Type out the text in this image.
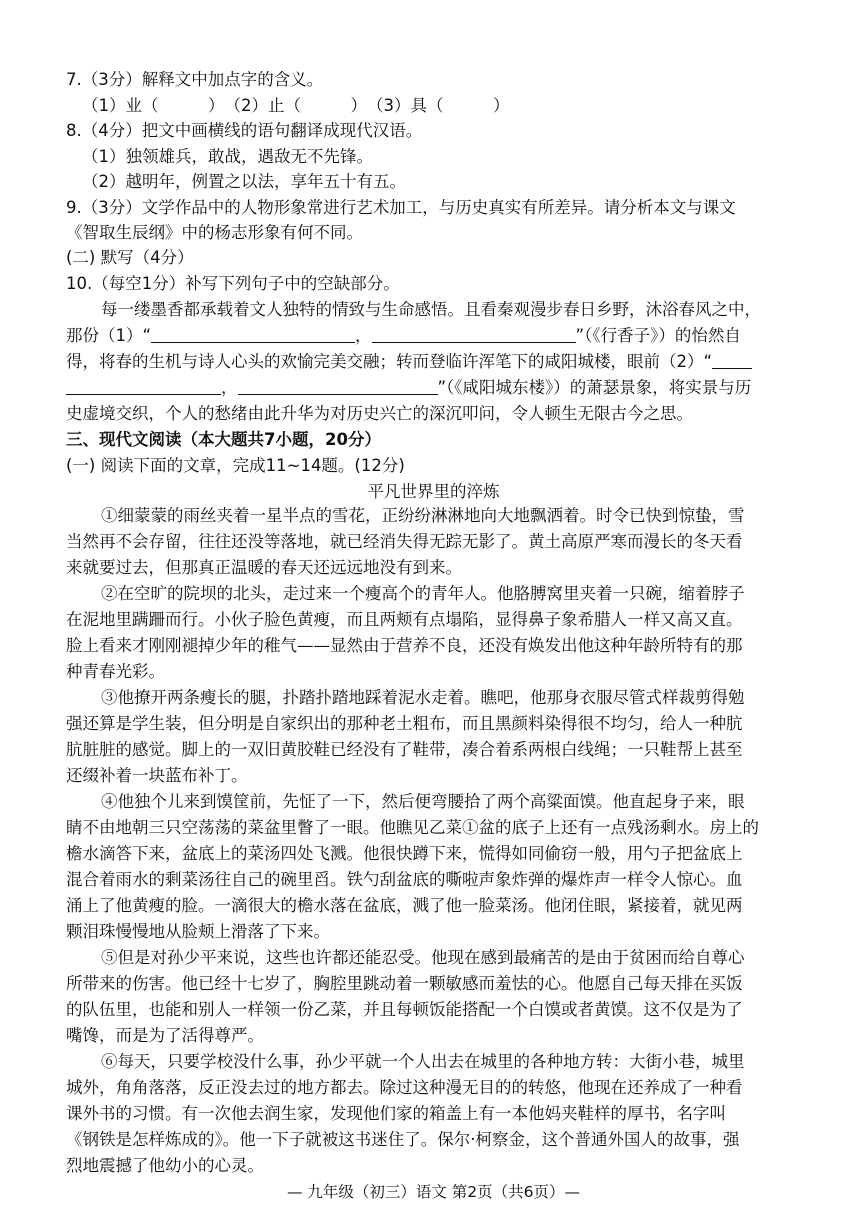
7.（3分）解释文中加点字的含义。
（1）业（　　　）　（2）止（　　　）　（3）具（　　　）
8.（4分）把文中画横线的语句翻译成现代汉语。
（1）独领雄兵，敢战，遇敌无不先锋。
（2）越明年，例置之以法，享年五十有五。
9.（3分）文学作品中的人物形象常进行艺术加工，与历史真实有所差异。请分析本文与课文
《智取生辰纲》中的杨志形象有何不同。
(二) 默写（4分）
10.（每空1分）补写下列句子中的空缺部分。
每一缕墨香都承载着文人独特的情致与生命感悟。且看秦观漫步春日乡野，沐浴春风之中，
那份（1）“	，	”（《行香子》）的怡然自
得，将春的生机与诗人心头的欢愉完美交融；转而登临许浑笔下的咸阳城楼，眼前（2）“
，	”（《咸阳城东楼》）的萧瑟景象，将实景与历
史虚境交织，个人的愁绪由此升华为对历史兴亡的深沉叩问，令人顿生无限古今之思。
三、现代文阅读（本大题共7小题，20分）
(一) 阅读下面的文章，完成11~14题。(12分)
平凡世界里的淬炼
①细蒙蒙的雨丝夹着一星半点的雪花，正纷纷淋淋地向大地飘洒着。时令已快到惊蛰，雪
当然再不会存留，往往还没等落地，就已经消失得无踪无影了。黄土高原严寒而漫长的冬天看
来就要过去，但那真正温暖的春天还远远地没有到来。
②在空旷的院坝的北头，走过来一个瘦高个的青年人。他胳膊窝里夹着一只碗，缩着脖子
在泥地里蹒跚而行。小伙子脸色黄瘦，而且两颊有点塌陷，显得鼻子象希腊人一样又高又直。
脸上看来才刚刚褪掉少年的稚气——显然由于营养不良，还没有焕发出他这种年龄所特有的那
种青春光彩。
③他撩开两条瘦长的腿，扑踏扑踏地踩着泥水走着。瞧吧，他那身衣服尽管式样裁剪得勉
强还算是学生装，但分明是自家织出的那种老土粗布，而且黑颜料染得很不均匀，给人一种肮
肮脏脏的感觉。脚上的一双旧黄胶鞋已经没有了鞋带，凑合着系两根白线绳；一只鞋帮上甚至
还缀补着一块蓝布补丁。
④他独个儿来到馍筐前，先怔了一下，然后便弯腰拾了两个高粱面馍。他直起身子来，眼
睛不由地朝三只空荡荡的菜盆里瞥了一眼。他瞧见乙菜①盆的底子上还有一点残汤剩水。房上的
檐水滴答下来，盆底上的菜汤四处飞溅。他很快蹲下来，慌得如同偷窃一般，用勺子把盆底上
混合着雨水的剩菜汤往自己的碗里舀。铁勺刮盆底的嘶啦声象炸弹的爆炸声一样令人惊心。血
涌上了他黄瘦的脸。一滴很大的檐水落在盆底，溅了他一脸菜汤。他闭住眼，紧接着，就见两
颗泪珠慢慢地从脸颊上滑落了下来。
⑤但是对孙少平来说，这些也许都还能忍受。他现在感到最痛苦的是由于贫困而给自尊心
所带来的伤害。他已经十七岁了，胸腔里跳动着一颗敏感而羞怯的心。他愿自己每天排在买饭
的队伍里，也能和别人一样领一份乙菜，并且每顿饭能搭配一个白馍或者黄馍。这不仅是为了
嘴馋，而是为了活得尊严。
⑥每天，只要学校没什么事，孙少平就一个人出去在城里的各种地方转：大街小巷，城里
城外，角角落落，反正没去过的地方都去。除过这种漫无目的的转悠，他现在还养成了一种看
课外书的习惯。有一次他去润生家，发现他们家的箱盖上有一本他妈夹鞋样的厚书，名字叫
《钢铁是怎样炼成的》。他一下子就被这书迷住了。保尔·柯察金，这个普通外国人的故事，强
烈地震撼了他幼小的心灵。
— 九年级（初三）语文 第2页（共6页）—
